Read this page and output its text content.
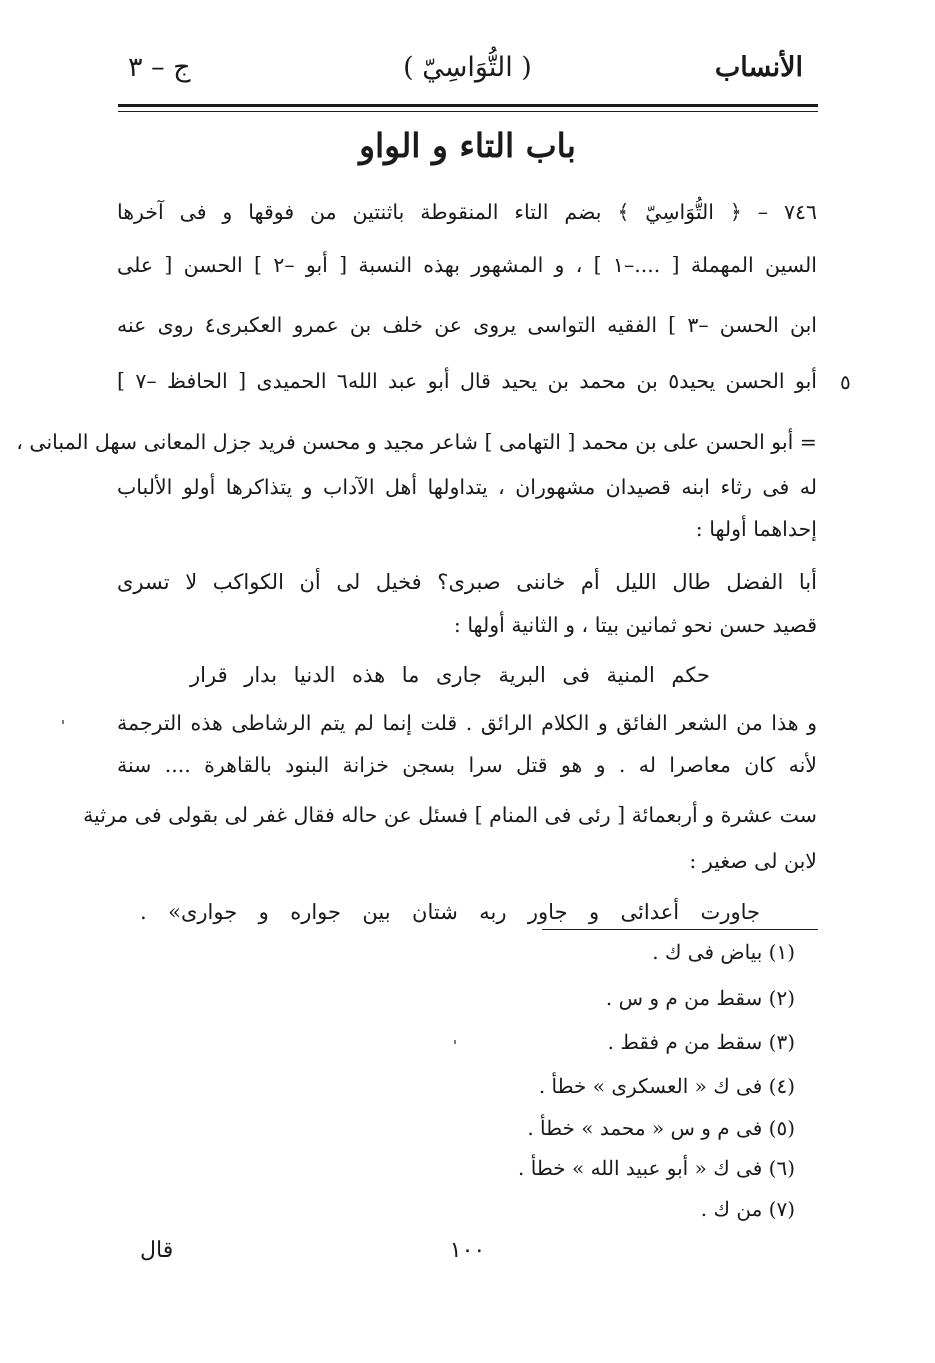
الأنساب
( التُّوَاسِيّ )
ج – ٣
باب التاء و الواو
٥
٧٤٦ – ﴿ التُّوَاسِيّ ﴾ بضم التاء المنقوطة باثنتين من فوقها و فى آخرها
السين المهملة [ ....–١ ] ، و المشهور بهذه النسبة [ أبو –٢ ] الحسن [ على
ابن الحسن –٣ ] الفقيه التواسى يروى عن خلف بن عمرو العكبرى٤ روى عنه
أبو الحسن يحيد٥ بن محمد بن يحيد قال أبو عبد الله٦ الحميدى [ الحافظ –٧ ]
= أبو الحسن على بن محمد [ التهامى ] شاعر مجيد و محسن فريد جزل المعانى سهل المبانى ،
له فى رثاء ابنه قصيدان مشهوران ، يتداولها أهل الآداب و يتذاكرها أولو الألباب
إحداهما أولها :
أبا الفضل طال الليل أم خاننى صبرى؟ فخيل لى أن الكواكب لا تسرى
قصيد حسن نحو ثمانين بيتا ، و الثانية أولها :
حكم المنية فى البرية جارى ما هذه الدنيا بدار قرار
و هذا من الشعر الفائق و الكلام الرائق . قلت إنما لم يتم الرشاطى هذه الترجمة
لأنه كان معاصرا له . و هو قتل سرا بسجن خزانة البنود بالقاهرة .... سنة
ست عشرة و أربعمائة [ رئى فى المنام ] فسئل عن حاله فقال غفر لى بقولى فى مرثية
لابن لى صغير :
جاورت أعدائى و جاور ربه شتان بين جواره و جوارى» .
(١) بياض فى ك .
(٢) سقط من م و س .
(٣) سقط من م فقط .
(٤) فى ك « العسكرى » خطأ .
(٥) فى م و س « محمد » خطأ .
(٦) فى ك « أبو عبيد الله » خطأ .
(٧) من ك .
١٠٠
قال
